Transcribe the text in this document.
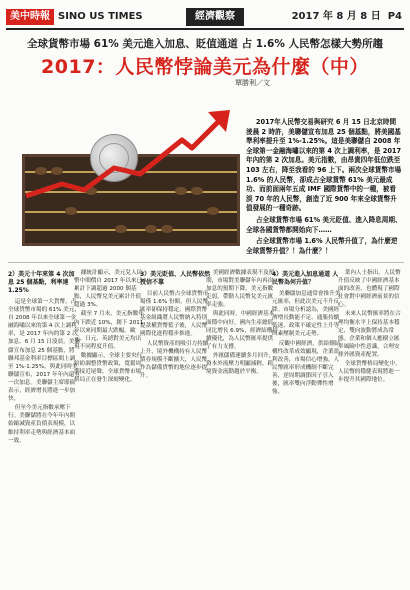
美中時報 SINO US TIMES	經濟觀察	2017 年 8 月 8 日 P4
全球貨幣市場 61% 美元進入加息、貶值通道 占 1.6% 人民幣怎樣大勢所趨
2017：人民幣悖論美元為什麼（中）
覃勝利／文

2017年人民幣交易與研究 6 月 15 日北京時間淩晨 2 時許，美聯儲宣布加息 25 個基點，將美國基準利率提升至 1%-1.25%。這是美聯儲自 2008 年全球第一金融海嘯以來的第 4 次上調利率，是 2017 年內的第 2 次加息。美元指數，由昂貴四年低位跌至 103 左右，降至我看的 96 上下。兩次全球貨幣市場 1.6% 的人民幣，卻成占全球貨幣 61% 美元最成功、而前面兩年五成 IMF 國際貨幣中的一種，被看淡 70 年的人民幣，創造了近 900 年來全球貨幣升值發展的一種奇跡。

占全球貨幣市場 61% 美元貶值、進入降息周期、全球各國貨幣都開始向下……

占全球貨幣市場 1.6% 人民幣升值了，為什麼逆全球貨幣升值？！為什麼？！

2）美元十年來第 4 次加息 25 個基點，利率達 1.25%

這是全球第一大貨幣，占全球貨幣市場的 61% 美元，自 2008 年以來全球第一金融海嘯以來的第 4 次上調利率，是 2017 年內的第 2 次加息。6 月 15 日淩晨，美聯儲宣布加息 25 個基點，將聯邦基金利率目標區間上調至 1%-1.25%。與此同時美聯儲宣布，2017 年年內還有一次加息。美聯儲主席耶倫表示，經濟增長將進一步加快。

但至今美元指數承壓下行。美聯儲將在今年年內開始縮減資產負債表規模，以維持利率走勢與經濟基本面一致。

據統計顯示，美元兌人民幣中間價自 2017 年以來已累計下調超過 2000 個基點，人民幣兌美元累計升值超過 3%。

截至 7 月末，美元指數年內下跌近 10%，創下 2011 年以來同期最大跌幅。歐元、日元、英鎊對美元均出現不同程度升值。

數據顯示，全球主要央行紛紛調整貨幣政策，寬鬆周期接近尾聲，全球貨幣市場格局正在發生深刻變化。

3）美元貶值、人民幣依然授信不靠

目前人民幣占全球貨幣市場僅 1.6% 份額，但人民幣匯率卻保持穩定。國際貨幣基金組織將人民幣納入特別提款權貨幣籃子後，人民幣國際化進程穩步推進。

人民幣資產的吸引力持續上升，境外機構持有人民幣債券規模不斷擴大，人民幣作為儲備貨幣的地位逐步提升。

美國經濟數據表現不及預期，市場對美聯儲年內再次加息的預期下降，美元指數走弱，帶動人民幣兌美元匯率走強。

與此同時，中國經濟基本面穩中向好，國內生產總值同比增長 6.9%，經濟結構持續優化，為人民幣匯率提供了有力支撐。

外匯儲備連續多月回升，資本外流壓力明顯減輕，跨境資金流動趨於平衡。

4）美元進入加息通道 人民幣為何升值？

美聯儲加息通常會推升美元匯率，但此次美元不升反降。市場分析認為，美國經濟增長動能不足、通脹持續低迷、政策不確定性上升等因素壓制美元走勢。

反觀中國經濟，供給側結構性改革成效顯現，企業盈利改善，市場信心增強。人民幣匯率形成機制不斷完善，逆周期調節因子引入後，匯率雙向浮動彈性增強。

業內人士指出，人民幣升值反映了中國經濟基本面的改善，也體現了國際社會對中國經濟前景的信心。

未來人民幣匯率將在合理均衡水平上保持基本穩定，雙向波動將成為常態。企業和個人應樹立匯率風險中性意識，合理安排外匯資產配置。

全球貨幣格局變化中，人民幣的穩健表現將進一步提升其國際地位。
